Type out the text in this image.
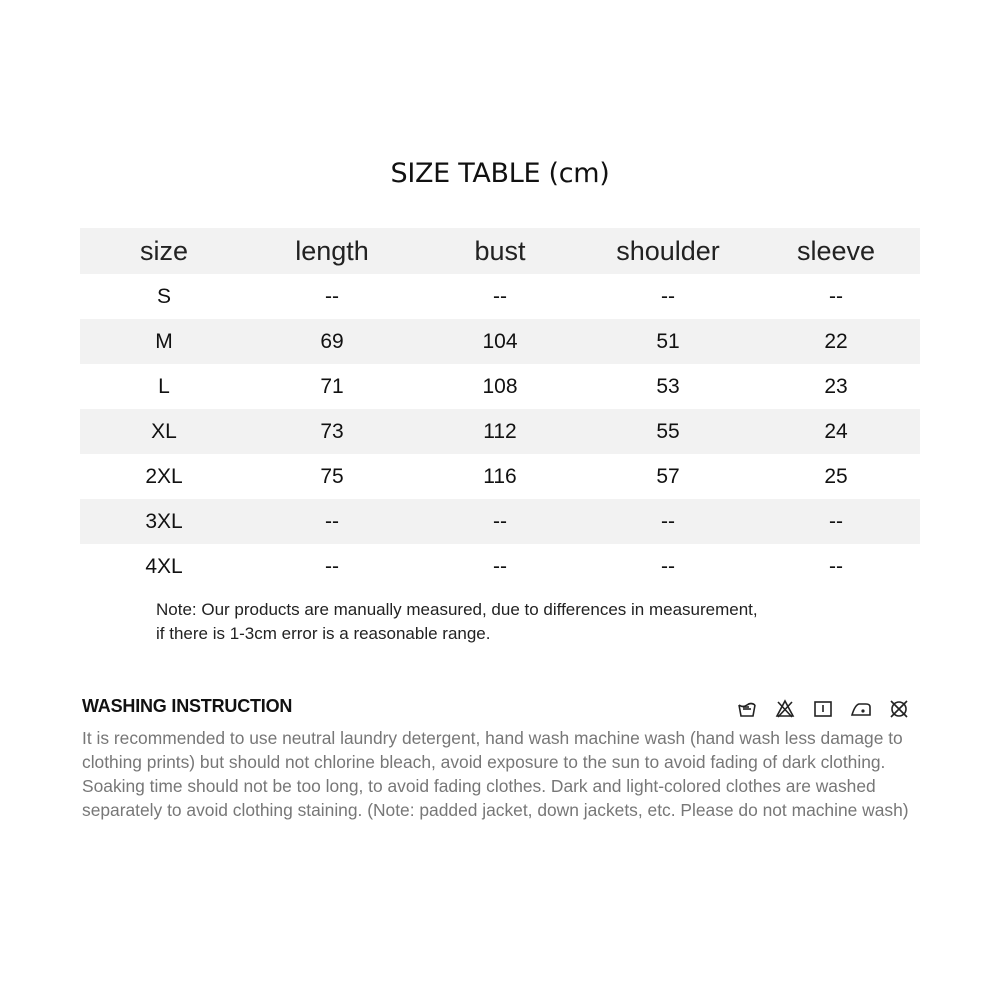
SIZE TABLE (cm)
size	length	bust	shoulder	sleeve
S	--	--	--	--
M	69	104	51	22
L	71	108	53	23
XL	73	112	55	24
2XL	75	116	57	25
3XL	--	--	--	--
4XL	--	--	--	--
Note: Our products are manually measured, due to differences in measurement,
if there is 1-3cm error is a reasonable range.
WASHING INSTRUCTION
It is recommended to use neutral laundry detergent, hand wash machine wash (hand wash less damage to clothing prints) but should not chlorine bleach, avoid exposure to the sun to avoid fading of dark clothing. Soaking time should not be too long, to avoid fading clothes. Dark and light-colored clothes are washed separately to avoid clothing staining. (Note: padded jacket, down jackets, etc. Please do not machine wash)
